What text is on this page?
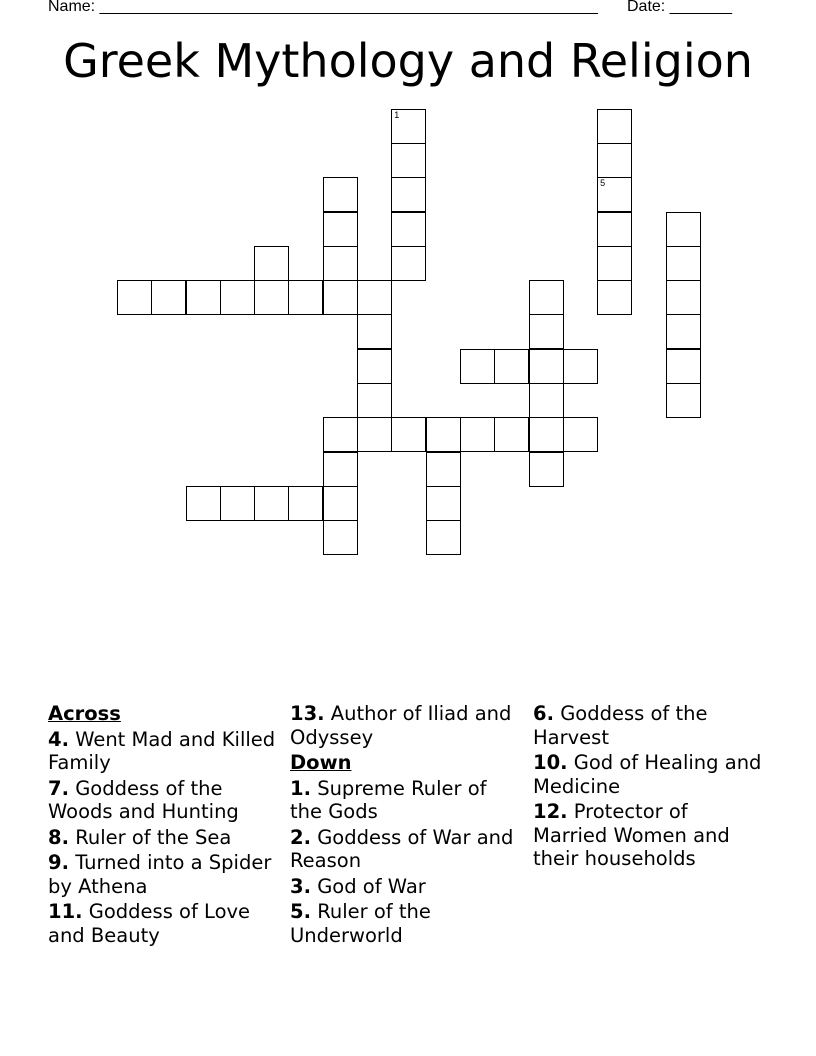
Name: ________________________________________________________ Date: _______
Greek Mythology and Religion
1
5
Across
4. Went Mad and Killed Family
7. Goddess of the Woods and Hunting
8. Ruler of the Sea
9. Turned into a Spider by Athena
11. Goddess of Love and Beauty
13. Author of Iliad and Odyssey
Down
1. Supreme Ruler of the Gods
2. Goddess of War and Reason
3. God of War
5. Ruler of the Underworld
6. Goddess of the Harvest
10. God of Healing and Medicine
12. Protector of Married Women and their households
